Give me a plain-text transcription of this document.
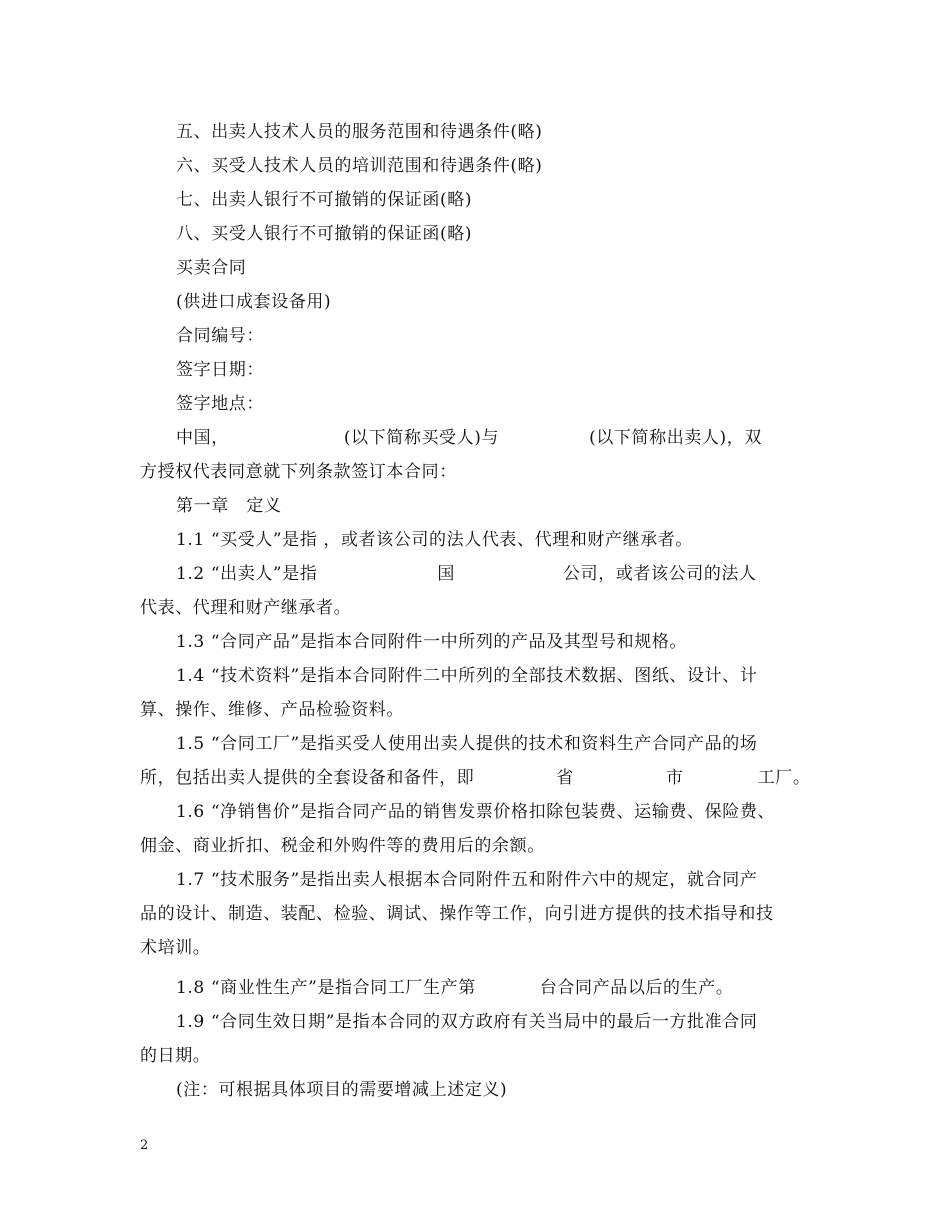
五、出卖人技术人员的服务范围和待遇条件(略)
六、买受人技术人员的培训范围和待遇条件(略)
七、出卖人银行不可撤销的保证函(略)
八、买受人银行不可撤销的保证函(略)
买卖合同
(供进口成套设备用)
合同编号：
签字日期：
签字地点：
中国，	(以下简称买受人)与	(以下简称出卖人)，双
方授权代表同意就下列条款签订本合同：
第一章　定义
1.1 “买受人”是指 ，或者该公司的法人代表、代理和财产继承者。
1.2 “出卖人”是指	国	公司，或者该公司的法人
代表、代理和财产继承者。
1.3 “合同产品”是指本合同附件一中所列的产品及其型号和规格。
1.4 “技术资料”是指本合同附件二中所列的全部技术数据、图纸、设计、计
算、操作、维修、产品检验资料。
1.5 “合同工厂”是指买受人使用出卖人提供的技术和资料生产合同产品的场
所，包括出卖人提供的全套设备和备件，即	省	市	工厂。
1.6 “净销售价”是指合同产品的销售发票价格扣除包装费、运输费、保险费、
佣金、商业折扣、税金和外购件等的费用后的余额。
1.7 “技术服务”是指出卖人根据本合同附件五和附件六中的规定，就合同产
品的设计、制造、装配、检验、调试、操作等工作，向引进方提供的技术指导和技
术培训。
1.8 “商业性生产”是指合同工厂生产第	台合同产品以后的生产。
1.9 “合同生效日期”是指本合同的双方政府有关当局中的最后一方批准合同
的日期。
(注：可根据具体项目的需要增减上述定义)
2
